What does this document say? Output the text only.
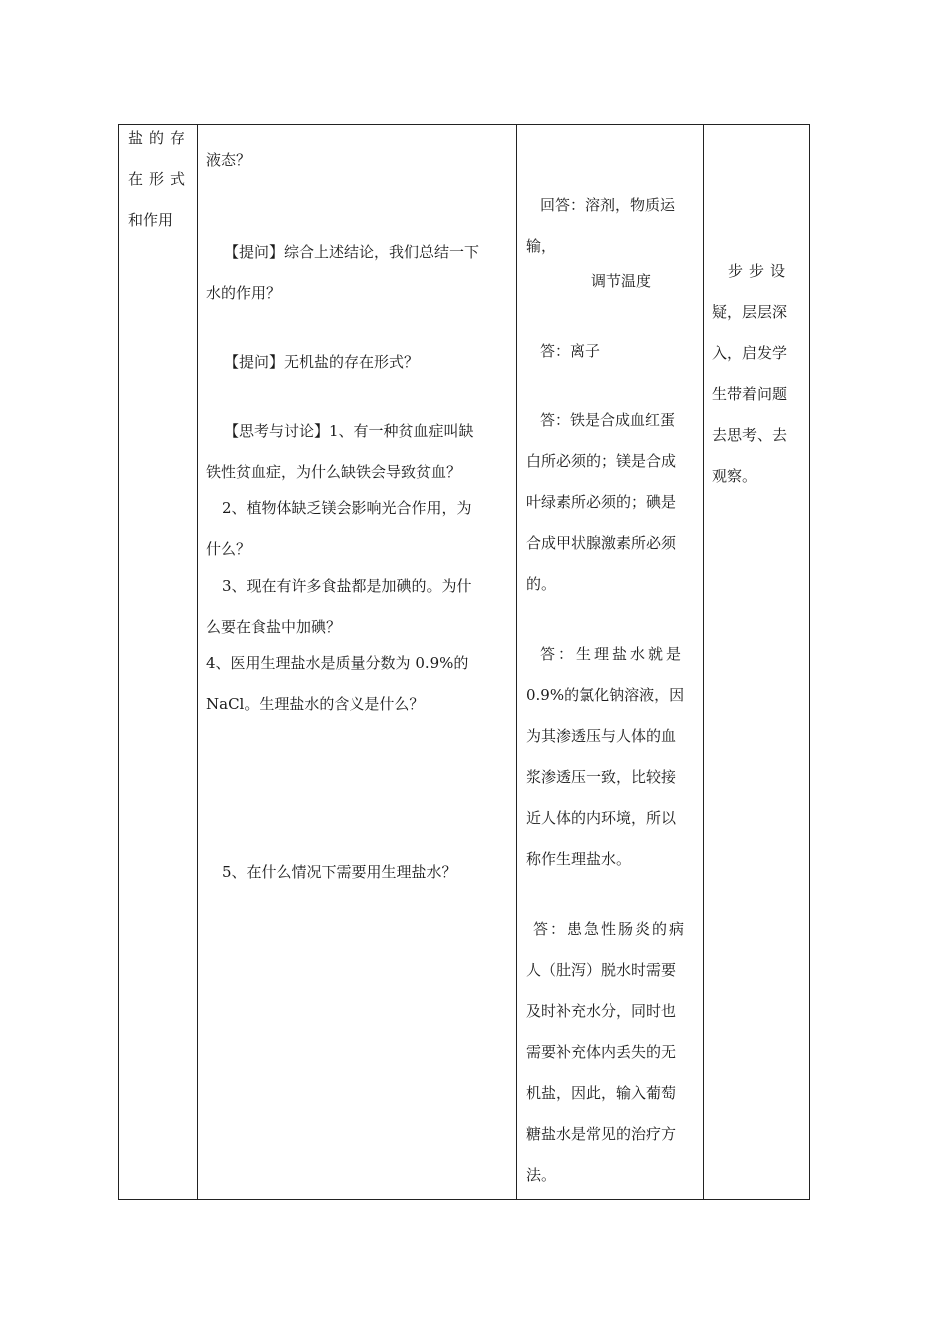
盐的存
在形式
和作用
液态？
【提问】综合上述结论，我们总结一下
水的作用？
【提问】无机盐的存在形式？
【思考与讨论】1、有一种贫血症叫缺
铁性贫血症，为什么缺铁会导致贫血？
2、植物体缺乏镁会影响光合作用，为
什么？
3、现在有许多食盐都是加碘的。为什
么要在食盐中加碘？
4、医用生理盐水是质量分数为 0.9%的
NaCl。生理盐水的含义是什么？
5、在什么情况下需要用生理盐水？
回答：溶剂，物质运
输，
调节温度
答：离子
答：铁是合成血红蛋
白所必须的；镁是合成
叶绿素所必须的；碘是
合成甲状腺激素所必须
的。
答：生理盐水就是
0.9%的氯化钠溶液，因
为其渗透压与人体的血
浆渗透压一致，比较接
近人体的内环境，所以
称作生理盐水。
答：患急性肠炎的病
人（肚泻）脱水时需要
及时补充水分，同时也
需要补充体内丢失的无
机盐，因此，输入葡萄
糖盐水是常见的治疗方
法。
步步设
疑，层层深
入，启发学
生带着问题
去思考、去
观察。
